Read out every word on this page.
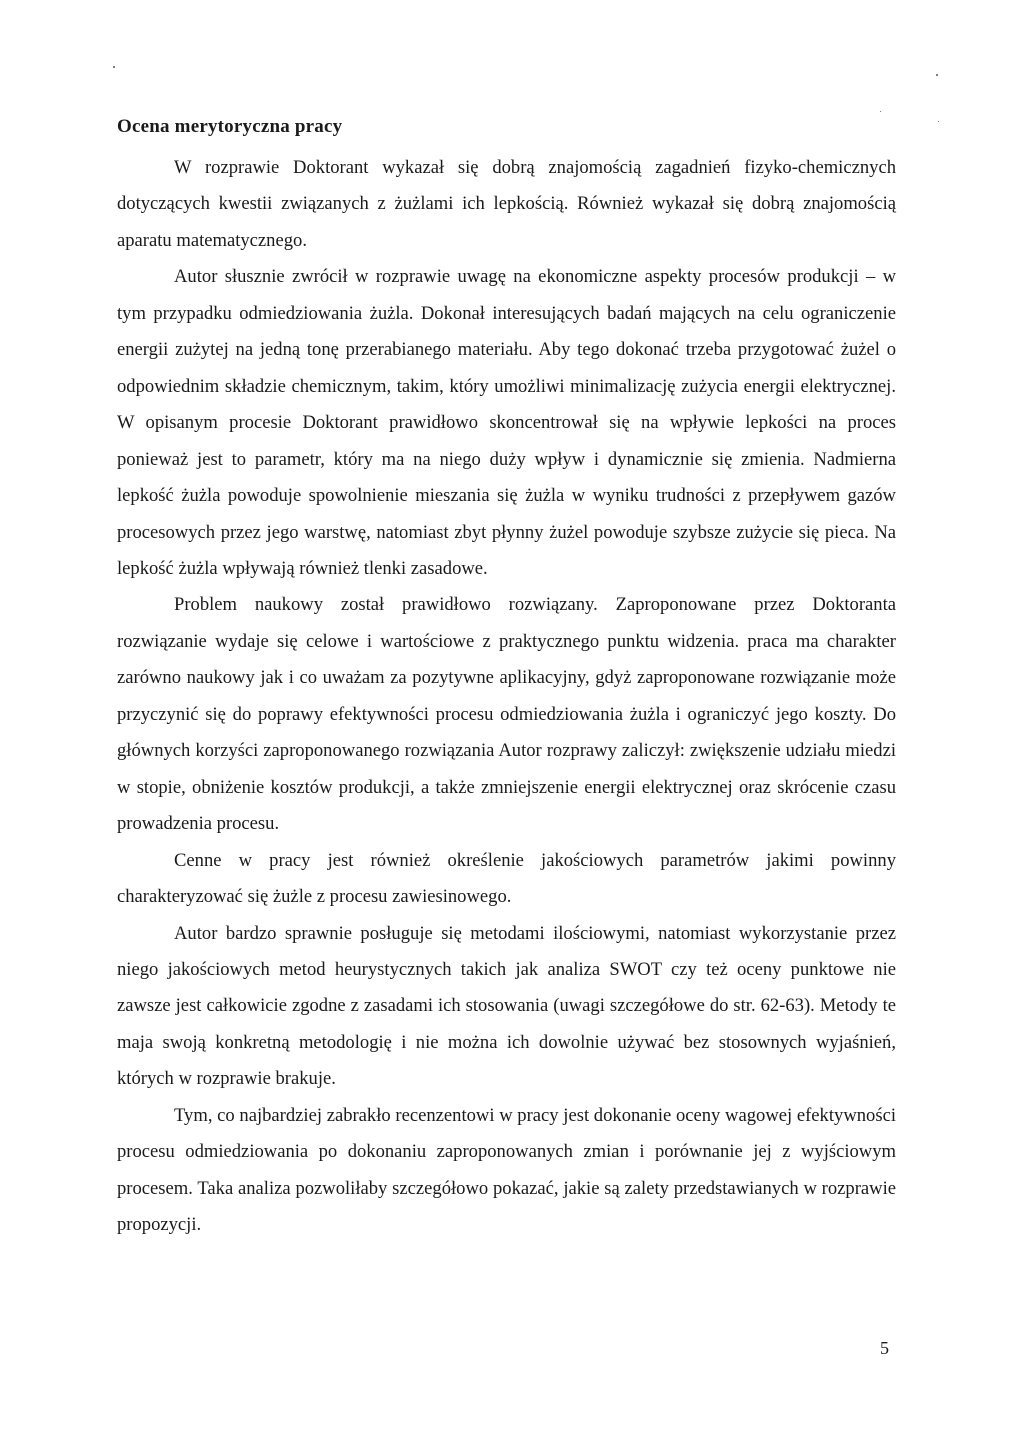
Ocena merytoryczna pracy

W rozprawie Doktorant wykazał się dobrą znajomością zagadnień fizyko-chemicznych dotyczących kwestii związanych z żużlami ich lepkością. Również wykazał się dobrą znajomością aparatu matematycznego.

Autor słusznie zwrócił w rozprawie uwagę na ekonomiczne aspekty procesów produkcji – w tym przypadku odmiedziowania żużla. Dokonał interesujących badań mających na celu ograniczenie energii zużytej na jedną tonę przerabianego materiału. Aby tego dokonać trzeba przygotować żużel o odpowiednim składzie chemicznym, takim, który umożliwi minimalizację zużycia energii elektrycznej. W opisanym procesie Doktorant prawidłowo skoncentrował się na wpływie lepkości na proces ponieważ jest to parametr, który ma na niego duży wpływ i dynamicznie się zmienia. Nadmierna lepkość żużla powoduje spowolnienie mieszania się żużla w wyniku trudności z przepływem gazów procesowych przez jego warstwę, natomiast zbyt płynny żużel powoduje szybsze zużycie się pieca. Na lepkość żużla wpływają również tlenki zasadowe.

Problem naukowy został prawidłowo rozwiązany. Zaproponowane przez Doktoranta rozwiązanie wydaje się celowe i wartościowe z praktycznego punktu widzenia. praca ma charakter zarówno naukowy jak i co uważam za pozytywne aplikacyjny, gdyż zaproponowane rozwiązanie może przyczynić się do poprawy efektywności procesu odmiedziowania żużla i ograniczyć jego koszty. Do głównych korzyści zaproponowanego rozwiązania Autor rozprawy zaliczył: zwiększenie udziału miedzi w stopie, obniżenie kosztów produkcji, a także zmniejszenie energii elektrycznej oraz skrócenie czasu prowadzenia procesu.

Cenne w pracy jest również określenie jakościowych parametrów jakimi powinny charakteryzować się żużle z procesu zawiesinowego.

Autor bardzo sprawnie posługuje się metodami ilościowymi, natomiast wykorzystanie przez niego jakościowych metod heurystycznych takich jak analiza SWOT czy też oceny punktowe nie zawsze jest całkowicie zgodne z zasadami ich stosowania (uwagi szczegółowe do str. 62-63). Metody te maja swoją konkretną metodologię i nie można ich dowolnie używać bez stosownych wyjaśnień, których w rozprawie brakuje.

Tym, co najbardziej zabrakło recenzentowi w pracy jest dokonanie oceny wagowej efektywności procesu odmiedziowania po dokonaniu zaproponowanych zmian i porównanie jej z wyjściowym procesem. Taka analiza pozwoliłaby szczegółowo pokazać, jakie są zalety przedstawianych w rozprawie propozycji.

5
